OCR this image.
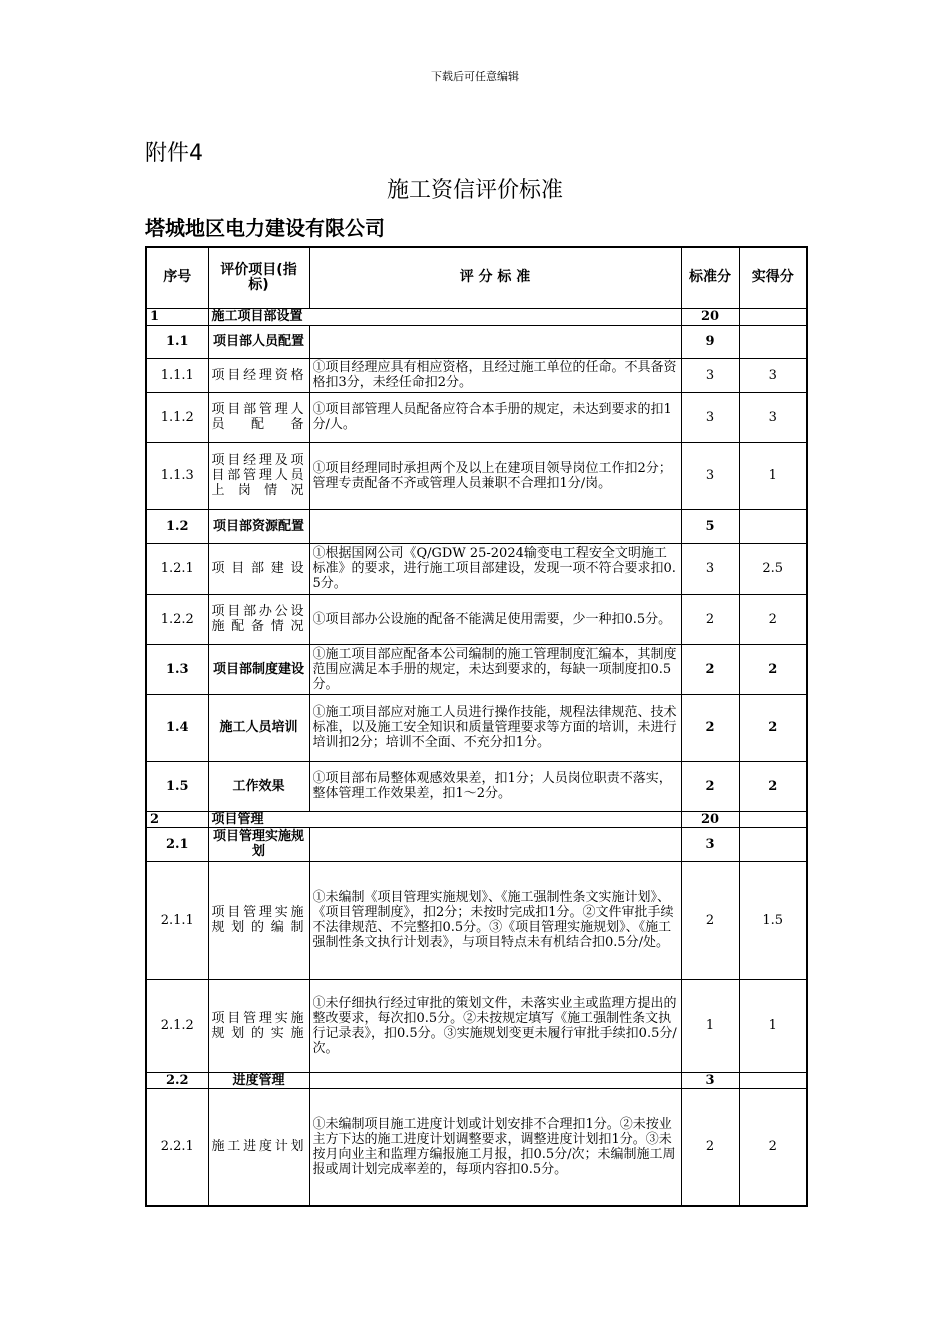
下载后可任意编辑
附件4
施工资信评价标准
塔城地区电力建设有限公司
序号	评价项目(指标)	评 分 标 准	标准分	实得分
1	施工项目部设置		20	
1.1	项目部人员配置		9	
1.1.1	项目经理资格	①项目经理应具有相应资格，且经过施工单位的任命。不具备资格扣3分，未经任命扣2分。	3	3
1.1.2	项目部管理人员配备	①项目部管理人员配备应符合本手册的规定，未达到要求的扣1分/人。	3	3
1.1.3	项目经理及项目部管理人员上岗情况	①项目经理同时承担两个及以上在建项目领导岗位工作扣2分；管理专责配备不齐或管理人员兼职不合理扣1分/岗。	3	1
1.2	项目部资源配置		5	
1.2.1	项目部建设	①根据国网公司《Q/GDW 25-2024输变电工程安全文明施工标准》的要求，进行施工项目部建设，发现一项不符合要求扣0.5分。	3	2.5
1.2.2	项目部办公设施配备情况	①项目部办公设施的配备不能满足使用需要，少一种扣0.5分。	2	2
1.3	项目部制度建设	①施工项目部应配备本公司编制的施工管理制度汇编本，其制度范围应满足本手册的规定，未达到要求的，每缺一项制度扣0.5分。	2	2
1.4	施工人员培训	①施工项目部应对施工人员进行操作技能，规程法律规范、技术标准，以及施工安全知识和质量管理要求等方面的培训，未进行培训扣2分；培训不全面、不充分扣1分。	2	2
1.5	工作效果	①项目部布局整体观感效果差，扣1分；人员岗位职责不落实，整体管理工作效果差，扣1～2分。	2	2
2	项目管理		20	
2.1	项目管理实施规划		3	
2.1.1	项目管理实施规划的编制	①未编制《项目管理实施规划》、《施工强制性条文实施计划》、《项目管理制度》，扣2分；未按时完成扣1分。②文件审批手续不法律规范、不完整扣0.5分。③《项目管理实施规划》、《施工强制性条文执行计划表》，与项目特点未有机结合扣0.5分/处。	2	1.5
2.1.2	项目管理实施规划的实施	①未仔细执行经过审批的策划文件，未落实业主或监理方提出的整改要求，每次扣0.5分。②未按规定填写《施工强制性条文执行记录表》，扣0.5分。③实施规划变更未履行审批手续扣0.5分/次。	1	1
2.2	进度管理		3	
2.2.1	施工进度计划	①未编制项目施工进度计划或计划安排不合理扣1分。②未按业主方下达的施工进度计划调整要求，调整进度计划扣1分。③未按月向业主和监理方编报施工月报，扣0.5分/次；未编制施工周报或周计划完成率差的，每项内容扣0.5分。	2	2
